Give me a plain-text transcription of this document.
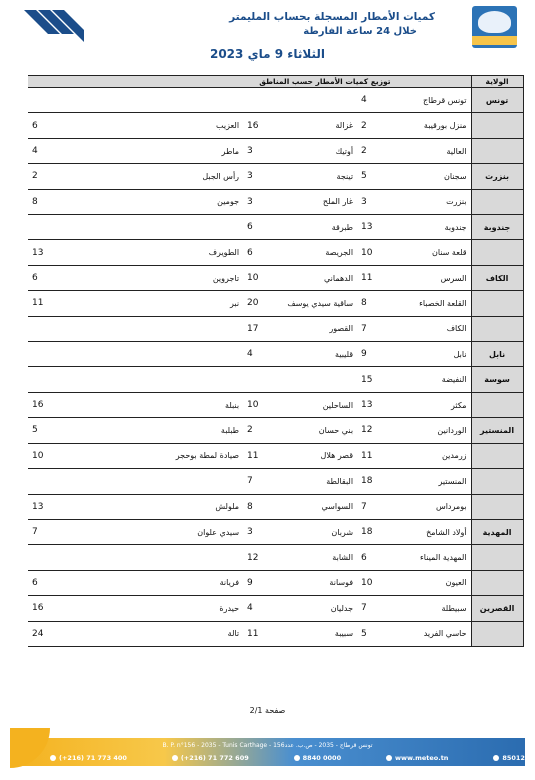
كميات الأمطار المسجلة بحساب المليمتر
خلال 24 ساعة الفارطة
الثلاثاء 9 ماي 2023
الولاية	توزيع كميات الأمطار حسب المناطق					
تونس	تونس قرطاج	4				
	منزل بورقيبة	2	غزالة	16	العزيب	6
	العالية	2	أوتيك	3	ماطر	4
بنزرت	سجنان	5	تينجة	3	رأس الجبل	2
	بنزرت	3	غار الملح	3	جومين	8
جندوبة	جندوبة	13	طبرقة	6		
	قلعة سنان	10	الجريصة	6	الطويرف	13
الكاف	السرس	11	الدهماني	10	تاجروين	6
	القلعة الخصباء	8	ساقية سيدي يوسف	20	نبر	11
	الكاف	7	القصور	17		
نابل	نابل	9	قليبية	4		
سوسة	النفيضة	15				
	مكثر	13	الساحلين	10	بنبلة	16
المنستير	الوردانين	12	بني حسان	2	طبلبة	5
	زرمدين	11	قصر هلال	11	صيادة لمطة بوحجر	10
	المنستير	18	البقالطة	7		
	بومرداس	7	السواسي	8	ملولش	13
المهدية	أولاد الشامخ	18	شربان	3	سيدي علوان	7
	المهدية الميناء	6	الشابة	12		
	العيون	10	فوسانة	9	فريانة	6
القصرين	سبيطلة	7	جدليان	4	حيدرة	16
	حاسي الفريد	5	سبيبة	11	تالة	24
صفحة 2/1
B. P. n°156 - 2035 - Tunis Carthage - تونس قرطاج - 2035 - ص.ب. عدد156
(+216) 71 773 400	(+216) 71 772 609	8840 0000	www.meteo.tn	85012
